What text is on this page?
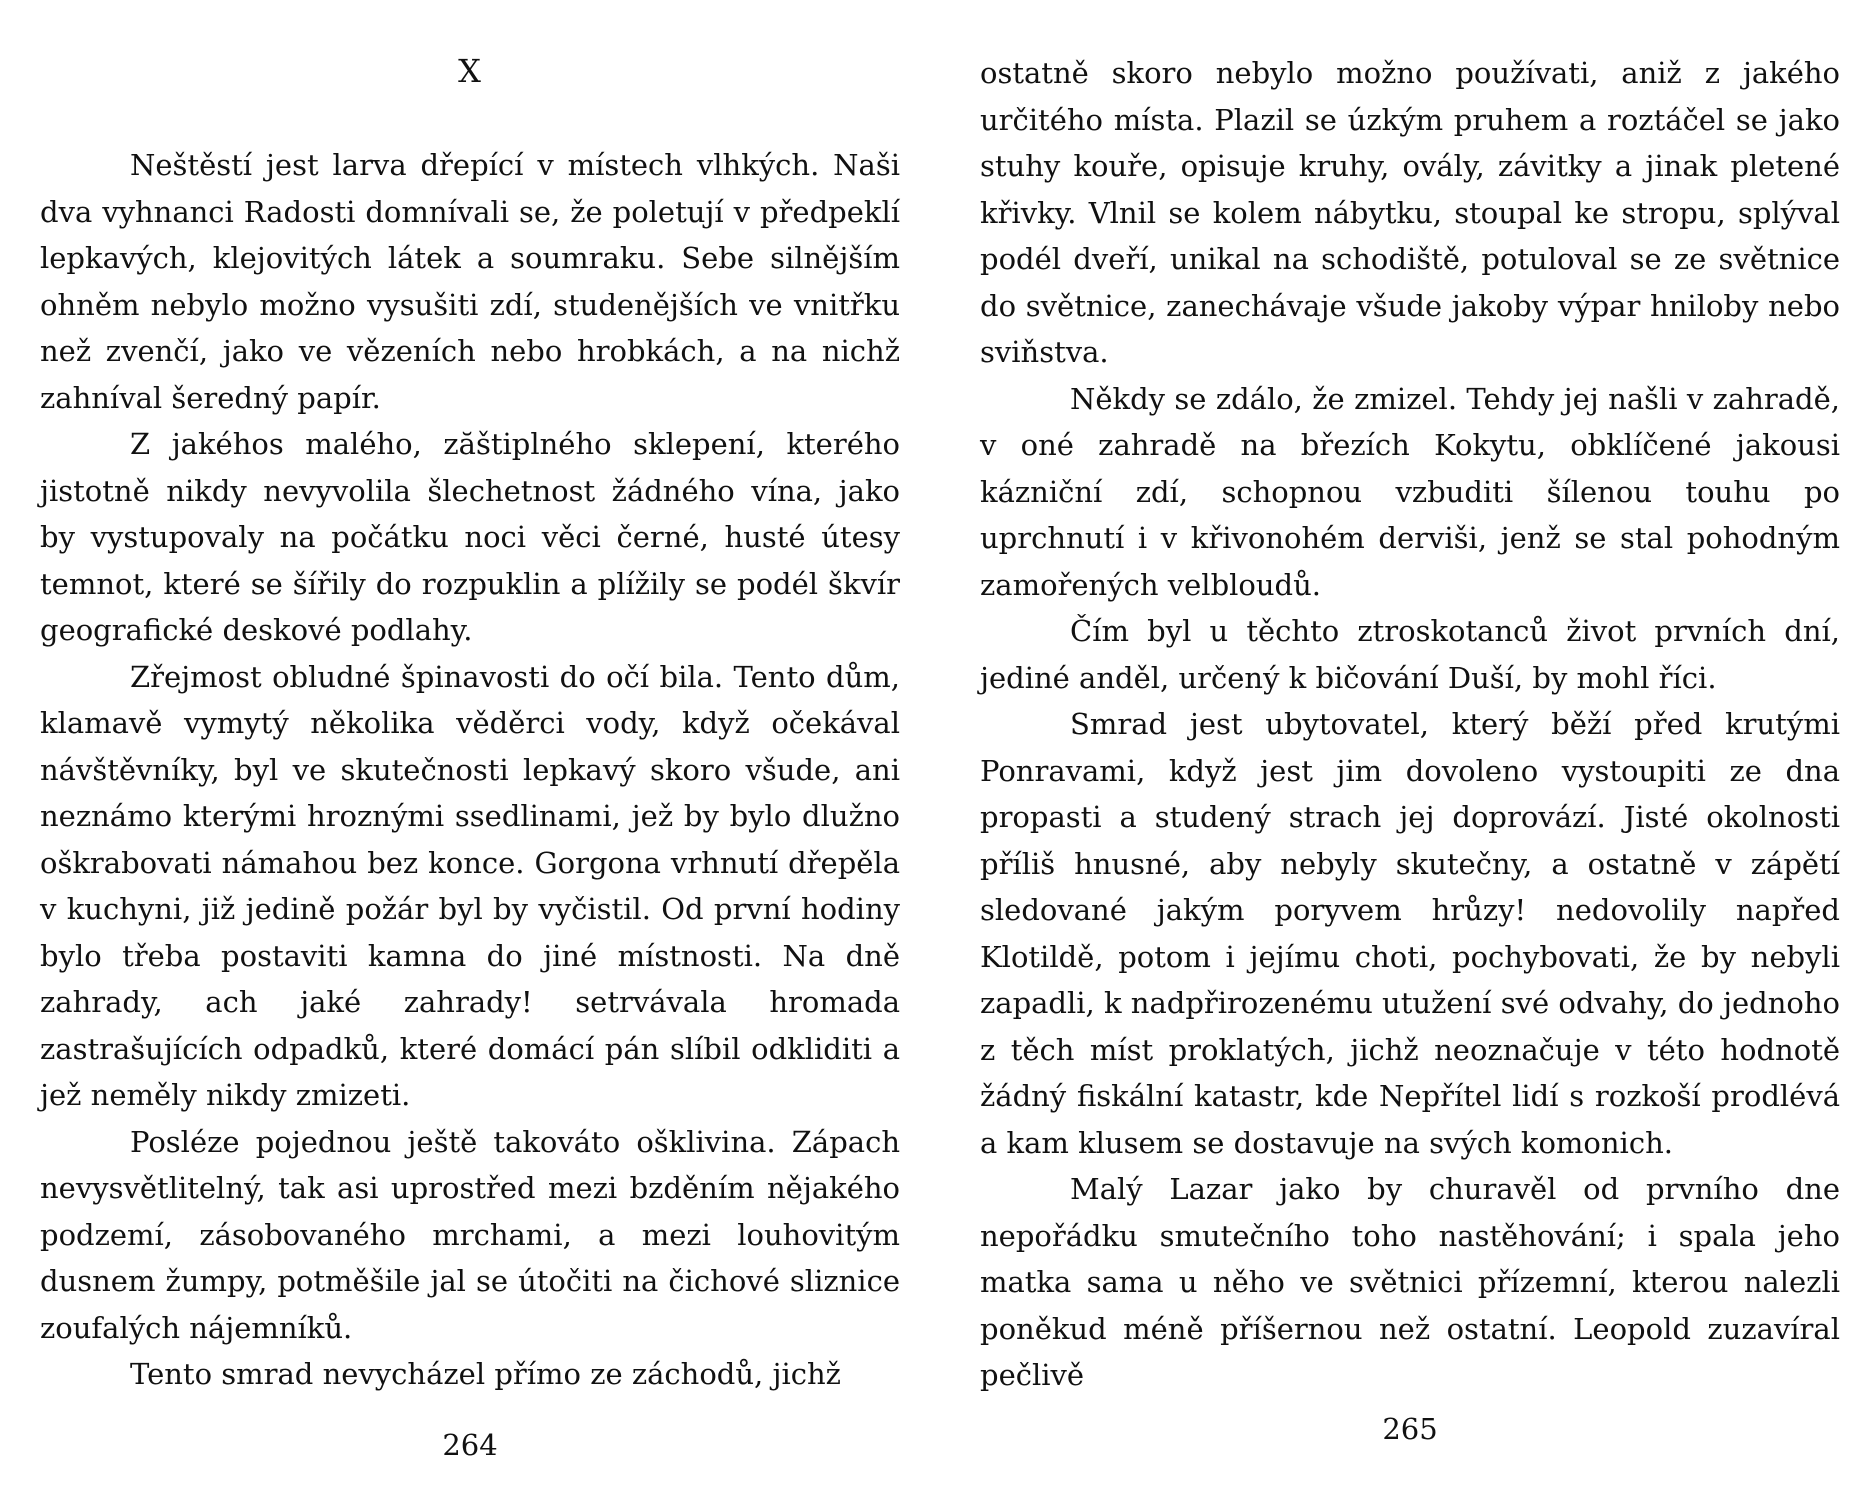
X

Neštěstí jest larva dřepící v místech vlhkých. Naši dva vyhnanci Radosti domnívali se, že poletují v předpeklí lepkavých, klejovitých látek a soumraku. Sebe silnějším ohněm nebylo možno vysušiti zdí, studenějších ve vnitřku než zvenčí, jako ve vězeních nebo hrobkách, a na nichž zahníval šeredný papír.

Z jakéhos malého, zăštiplného sklepení, kterého jistotně nikdy nevyvolila šlechetnost žádného vína, jako by vystupovaly na počátku noci věci černé, husté útesy temnot, které se šířily do rozpuklin a plížily se podél škvír geografické deskové podlahy.

Zřejmost obludné špinavosti do očí bila. Tento dům, klamavě vymytý několika věděrci vody, když očekával návštěvníky, byl ve skutečnosti lepkavý skoro všude, ani neznámo kterými hroznými ssedlinami, jež by bylo dlužno oškrabovati námahou bez konce. Gorgona vrhnutí dřepěla v kuchyni, již jedině požár byl by vyčistil. Od první hodiny bylo třeba postaviti kamna do jiné místnosti. Na dně zahrady, ach jaké zahrady! setrvávala hromada zastrašujících odpadků, které domácí pán slíbil odkliditi a jež neměly nikdy zmizeti.

Posléze pojednou ještě takováto ošklivina. Zápach nevysvětlitelný, tak asi uprostřed mezi bzděním nějakého podzemí, zásobovaného mrchami, a mezi louhovitým dusnem žumpy, potměšile jal se útočiti na čichové sliznice zoufalých nájemníků.

Tento smrad nevycházel přímo ze záchodů, jichž

264

ostatně skoro nebylo možno používati, aniž z jakého určitého místa. Plazil se úzkým pruhem a roztáčel se jako stuhy kouře, opisuje kruhy, ovály, závitky a jinak pletené křivky. Vlnil se kolem nábytku, stoupal ke stropu, splýval podél dveří, unikal na schodiště, potuloval se ze světnice do světnice, zanechávaje všude jakoby výpar hniloby nebo sviňstva.

Někdy se zdálo, že zmizel. Tehdy jej našli v zahradě, v oné zahradě na březích Kokytu, obklíčené jakousi kázniční zdí, schopnou vzbuditi šílenou touhu po uprchnutí i v křivonohém derviši, jenž se stal pohodným zamořených velbloudů.

Čím byl u těchto ztroskotanců život prvních dní, jediné anděl, určený k bičování Duší, by mohl říci.

Smrad jest ubytovatel, který běží před krutými Ponravami, když jest jim dovoleno vystoupiti ze dna propasti a studený strach jej doprovází. Jisté okolnosti příliš hnusné, aby nebyly skutečny, a ostatně v zápětí sledované jakým poryvem hrůzy! nedovolily napřed Klotildě, potom i jejímu choti, pochybovati, že by nebyli zapadli, k nadpřirozenému utužení své odvahy, do jednoho z těch míst proklatých, jichž neoznačuje v této hodnotě žádný fiskální katastr, kde Nepřítel lidí s rozkoší prodlévá a kam klusem se dostavuje na svých komonich.

Malý Lazar jako by churavěl od prvního dne nepořádku smutečního toho nastěhování; i spala jeho matka sama u něho ve světnici přízemní, kterou nalezli poněkud méně příšernou než ostatní. Leopold zuzavíral pečlivě

265
